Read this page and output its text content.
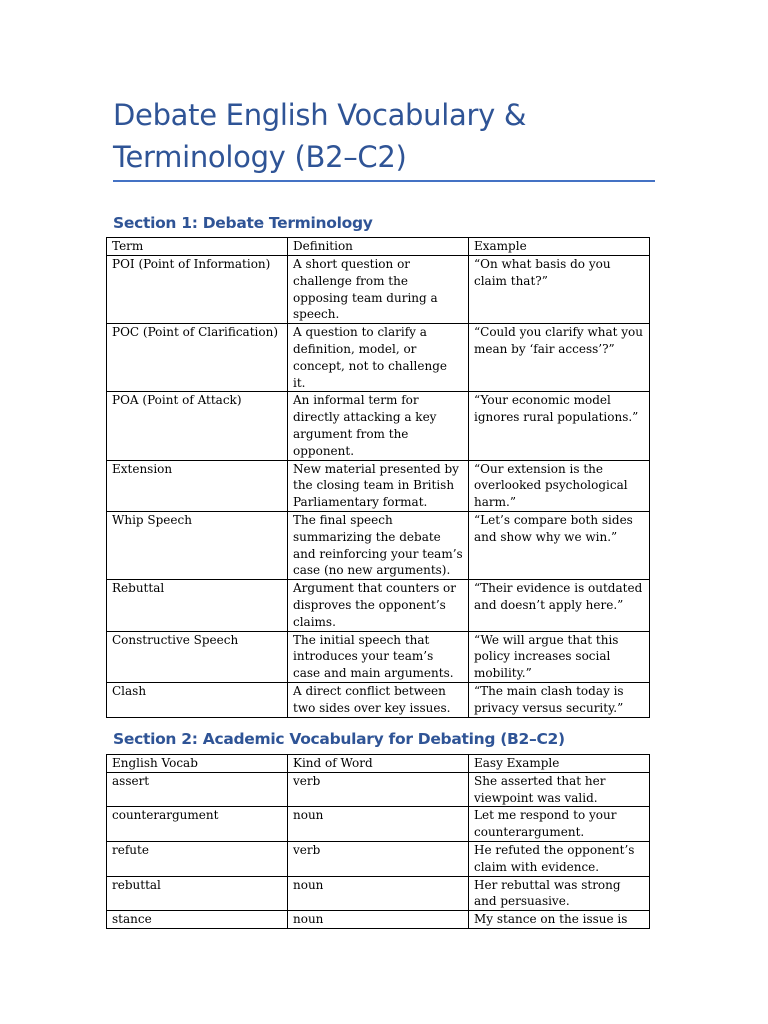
Debate English Vocabulary & Terminology (B2–C2)
Section 1: Debate Terminology
Term	Definition	Example
POI (Point of Information)	A short question or challenge from the opposing team during a speech.	“On what basis do you claim that?”
POC (Point of Clarification)	A question to clarify a definition, model, or concept, not to challenge it.	“Could you clarify what you mean by ‘fair access’?”
POA (Point of Attack)	An informal term for directly attacking a key argument from the opponent.	“Your economic model ignores rural populations.”
Extension	New material presented by the closing team in British Parliamentary format.	“Our extension is the overlooked psychological harm.”
Whip Speech	The final speech summarizing the debate and reinforcing your team’s case (no new arguments).	“Let’s compare both sides and show why we win.”
Rebuttal	Argument that counters or disproves the opponent’s claims.	“Their evidence is outdated and doesn’t apply here.”
Constructive Speech	The initial speech that introduces your team’s case and main arguments.	“We will argue that this policy increases social mobility.”
Clash	A direct conflict between two sides over key issues.	“The main clash today is privacy versus security.”
Section 2: Academic Vocabulary for Debating (B2–C2)
English Vocab	Kind of Word	Easy Example
assert	verb	She asserted that her viewpoint was valid.
counterargument	noun	Let me respond to your counterargument.
refute	verb	He refuted the opponent’s claim with evidence.
rebuttal	noun	Her rebuttal was strong and persuasive.
stance	noun	My stance on the issue is
